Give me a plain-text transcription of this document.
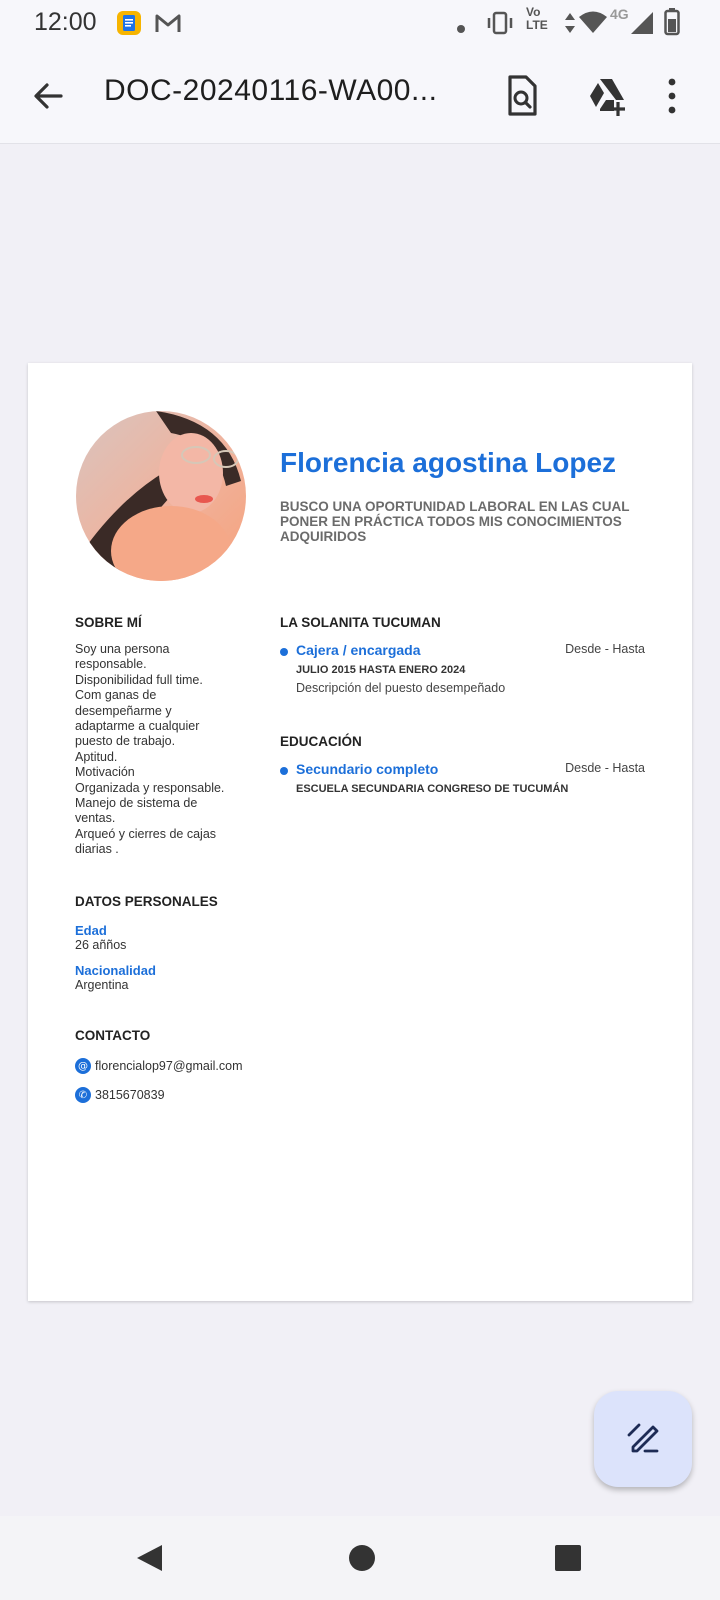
12:00	Vo
LTE
4G
DOC-20240116-WA00...
Florencia agostina Lopez
BUSCO UNA OPORTUNIDAD LABORAL EN LAS CUAL PONER EN PRÁCTICA TODOS MIS CONOCIMIENTOS ADQUIRIDOS
SOBRE MÍ
Soy una persona
responsable.
Disponibilidad full time.
Com ganas de
desempeñarme y
adaptarme a cualquier
puesto de trabajo.
Aptitud.
Motivación
Organizada y responsable.
Manejo de sistema de
ventas.
Arqueó y cierres de cajas
diarias .
DATOS PERSONALES
Edad
26 añños
Nacionalidad
Argentina
CONTACTO
@ florencialop97@gmail.com
✆ 3815670839
LA SOLANITA TUCUMAN
Cajera / encargada	Desde - Hasta
JULIO 2015 HASTA ENERO 2024
Descripción del puesto desempeñado
EDUCACIÓN
Secundario completo	Desde - Hasta
ESCUELA SECUNDARIA CONGRESO DE TUCUMÁN
